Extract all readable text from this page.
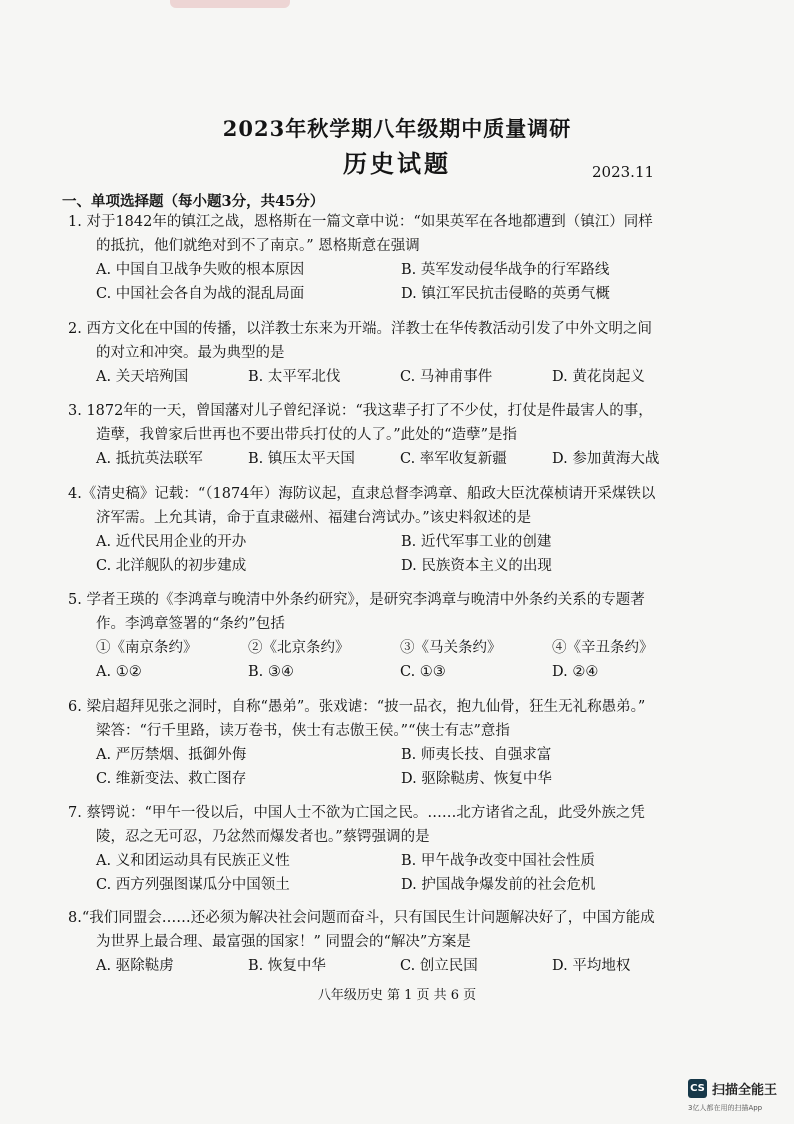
2023年秋学期八年级期中质量调研
历史试题	2023.11
一、单项选择题（每小题3分，共45分）

1. 对于1842年的镇江之战，恩格斯在一篇文章中说：“如果英军在各地都遭到（镇江）同样
的抵抗，他们就绝对到不了南京。” 恩格斯意在强调

A. 中国自卫战争失败的根本原因	B. 英军发动侵华战争的行军路线
C. 中国社会各自为战的混乱局面	D. 镇江军民抗击侵略的英勇气概

2. 西方文化在中国的传播，以洋教士东来为开端。洋教士在华传教活动引发了中外文明之间
的对立和冲突。最为典型的是

A. 关天培殉国	B. 太平军北伐	C. 马神甫事件	D. 黄花岗起义

3. 1872年的一天，曾国藩对儿子曾纪泽说：“我这辈子打了不少仗，打仗是件最害人的事，
造孽，我曾家后世再也不要出带兵打仗的人了。”此处的“造孽”是指

A. 抵抗英法联军	B. 镇压太平天国	C. 率军收复新疆	D. 参加黄海大战

4.《清史稿》记载：“（1874年）海防议起，直隶总督李鸿章、船政大臣沈葆桢请开采煤铁以
济军需。上允其请，命于直隶磁州、福建台湾试办。”该史料叙述的是

A. 近代民用企业的开办	B. 近代军事工业的创建
C. 北洋舰队的初步建成	D. 民族资本主义的出现

5. 学者王瑛的《李鸿章与晚清中外条约研究》，是研究李鸿章与晚清中外条约关系的专题著
作。李鸿章签署的“条约”包括

①《南京条约》	②《北京条约》	③《马关条约》	④《辛丑条约》
A. ①②	B. ③④	C. ①③	D. ②④

6. 梁启超拜见张之洞时，自称“愚弟”。张戏谑：“披一品衣，抱九仙骨，狂生无礼称愚弟。”
梁答：“行千里路，读万卷书，侠士有志傲王侯。”“侠士有志”意指

A. 严厉禁烟、抵御外侮	B. 师夷长技、自强求富
C. 维新变法、救亡图存	D. 驱除鞑虏、恢复中华

7. 蔡锷说：“甲午一役以后，中国人士不欲为亡国之民。……北方诸省之乱，此受外族之凭
陵，忍之无可忍，乃忿然而爆发者也。”蔡锷强调的是

A. 义和团运动具有民族正义性	B. 甲午战争改变中国社会性质
C. 西方列强图谋瓜分中国领土	D. 护国战争爆发前的社会危机

8.“我们同盟会……还必须为解决社会问题而奋斗，只有国民生计问题解决好了，中国方能成
为世界上最合理、最富强的国家！” 同盟会的“解决”方案是

A. 驱除鞑虏	B. 恢复中华	C. 创立民国	D. 平均地权
八年级历史 第 1 页 共 6 页
CS 扫描全能王
3亿人都在用的扫描App
